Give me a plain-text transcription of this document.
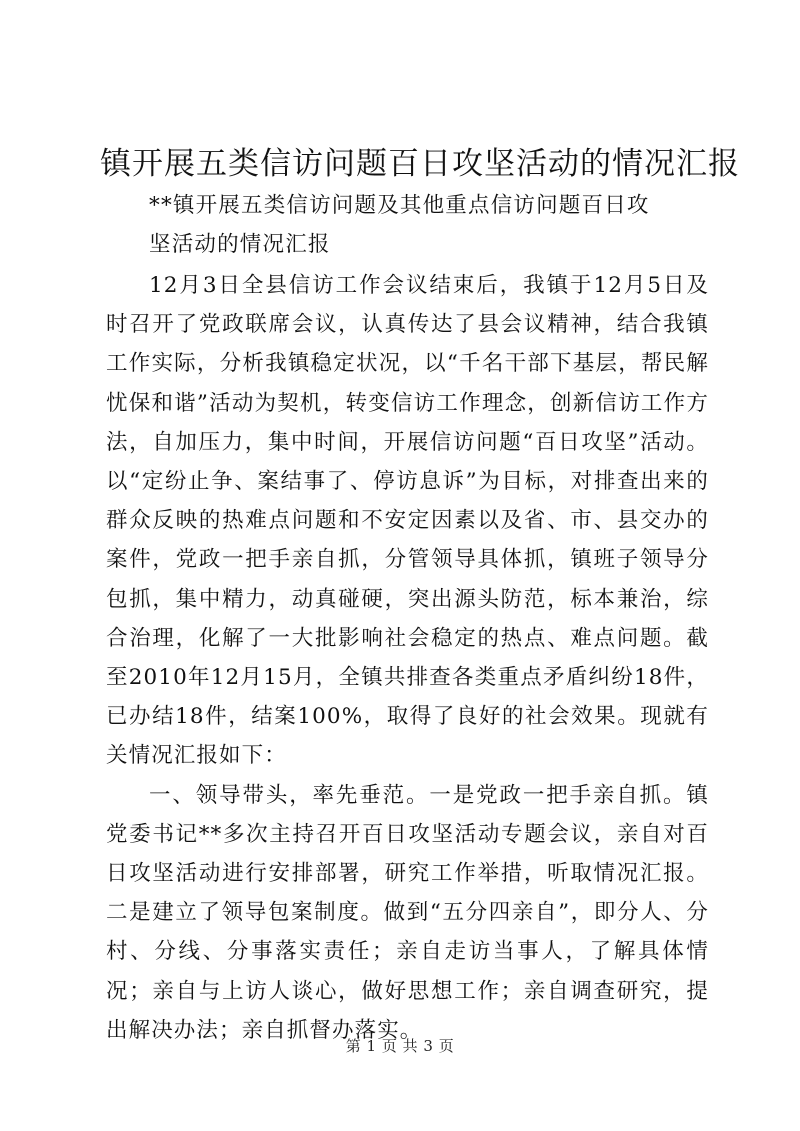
镇开展五类信访问题百日攻坚活动的情况汇报
**镇开展五类信访问题及其他重点信访问题百日攻
坚活动的情况汇报

12月3日全县信访工作会议结束后，我镇于12月5日及时召开了党政联席会议，认真传达了县会议精神，结合我镇工作实际，分析我镇稳定状况，以“千名干部下基层，帮民解忧保和谐”活动为契机，转变信访工作理念，创新信访工作方法，自加压力，集中时间，开展信访问题“百日攻坚”活动。以“定纷止争、案结事了、停访息诉”为目标，对排查出来的群众反映的热难点问题和不安定因素以及省、市、县交办的案件，党政一把手亲自抓，分管领导具体抓，镇班子领导分包抓，集中精力，动真碰硬，突出源头防范，标本兼治，综合治理，化解了一大批影响社会稳定的热点、难点问题。截至2010年12月15月，全镇共排查各类重点矛盾纠纷18件，已办结18件，结案100%，取得了良好的社会效果。现就有关情况汇报如下：

一、领导带头，率先垂范。一是党政一把手亲自抓。镇党委书记**多次主持召开百日攻坚活动专题会议，亲自对百日攻坚活动进行安排部署，研究工作举措，听取情况汇报。二是建立了领导包案制度。做到“五分四亲自”，即分人、分村、分线、分事落实责任；亲自走访当事人，了解具体情况；亲自与上访人谈心，做好思想工作；亲自调查研究，提出解决办法；亲自抓督办落实。

第 1 页 共 3 页
